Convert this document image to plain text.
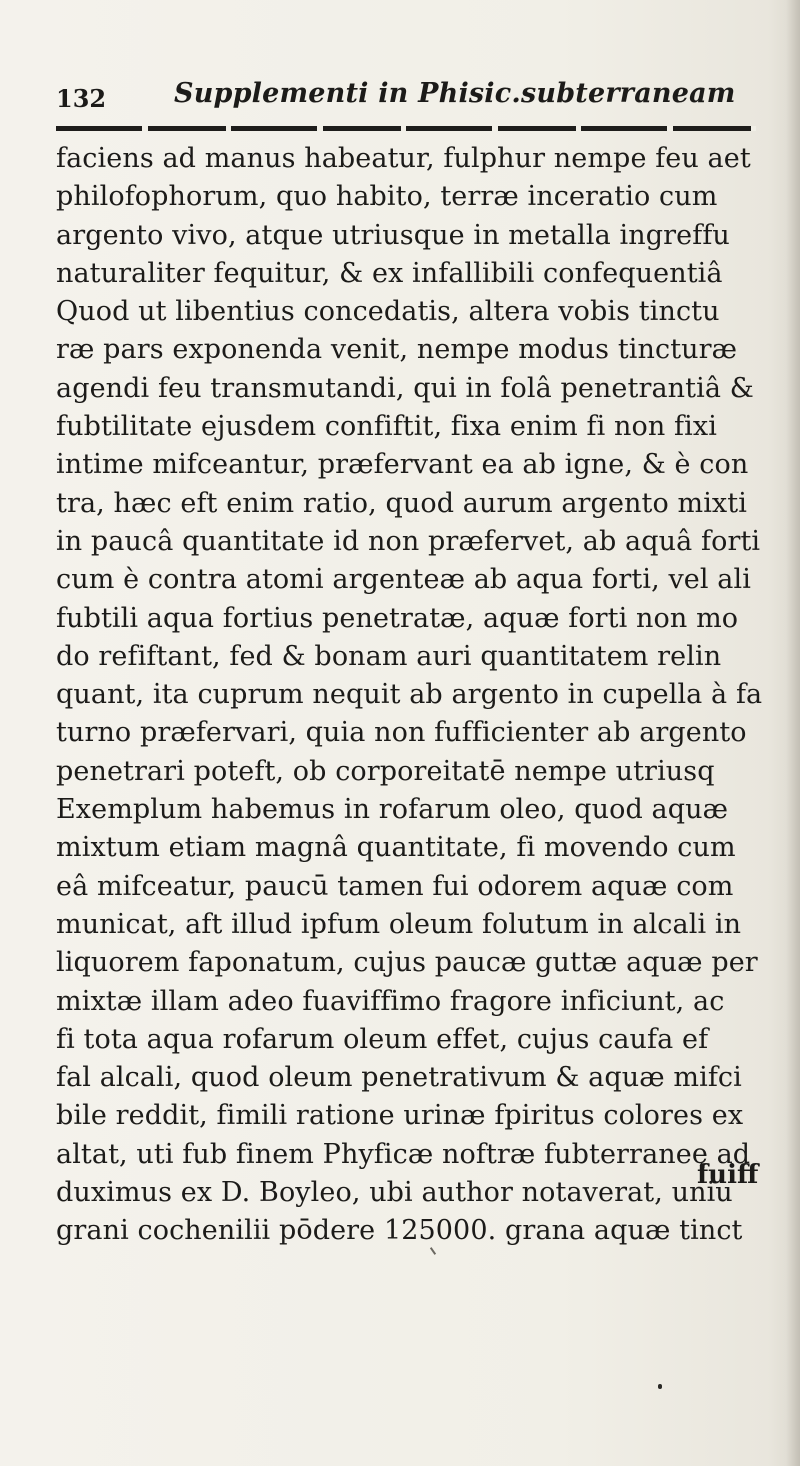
132	Supplementi in Phisic.subterraneam
faciens ad manus habeatur, fulphur nempe feu aet
philofophorum, quo habito, terræ inceratio cum
argento vivo, atque utriusque in metalla ingreffu
naturaliter fequitur, & ex infallibili confequentiâ
Quod ut libentius concedatis, altera vobis tinctu
ræ pars exponenda venit, nempe modus tincturæ
agendi feu transmutandi, qui in folâ penetrantiâ &
fubtilitate ejusdem confiftit, fixa enim fi non fixi
intime mifceantur, præfervant ea ab igne, & è con
tra, hæc eft enim ratio, quod aurum argento mixti
in paucâ quantitate id non præfervet, ab aquâ forti
cum è contra atomi argenteæ ab aqua forti, vel ali
fubtili aqua fortius penetratæ, aquæ forti non mo
do refiftant, fed & bonam auri quantitatem relin
quant, ita cuprum nequit ab argento in cupella à fa
turno præfervari, quia non fufficienter ab argento
penetrari poteft, ob corporeitatē nempe utriusq
Exemplum habemus in rofarum oleo, quod aquæ
mixtum etiam magnâ quantitate, fi movendo cum
eâ mifceatur, paucū tamen fui odorem aquæ com
municat, aft illud ipfum oleum folutum in alcali in
liquorem faponatum, cujus paucæ guttæ aquæ per
mixtæ illam adeo fuaviffimo fragore inficiunt, ac
fi tota aqua rofarum oleum effet, cujus caufa ef
fal alcali, quod oleum penetrativum & aquæ mifci
bile reddit, fimili ratione urinæ fpiritus colores ex
altat, uti fub finem Phyficæ noftræ fubterraneę ad
duximus ex D. Boyleo, ubi author notaverat, uniu
grani cochenilii pōdere 125000. grana aquæ tinct
fuiff
